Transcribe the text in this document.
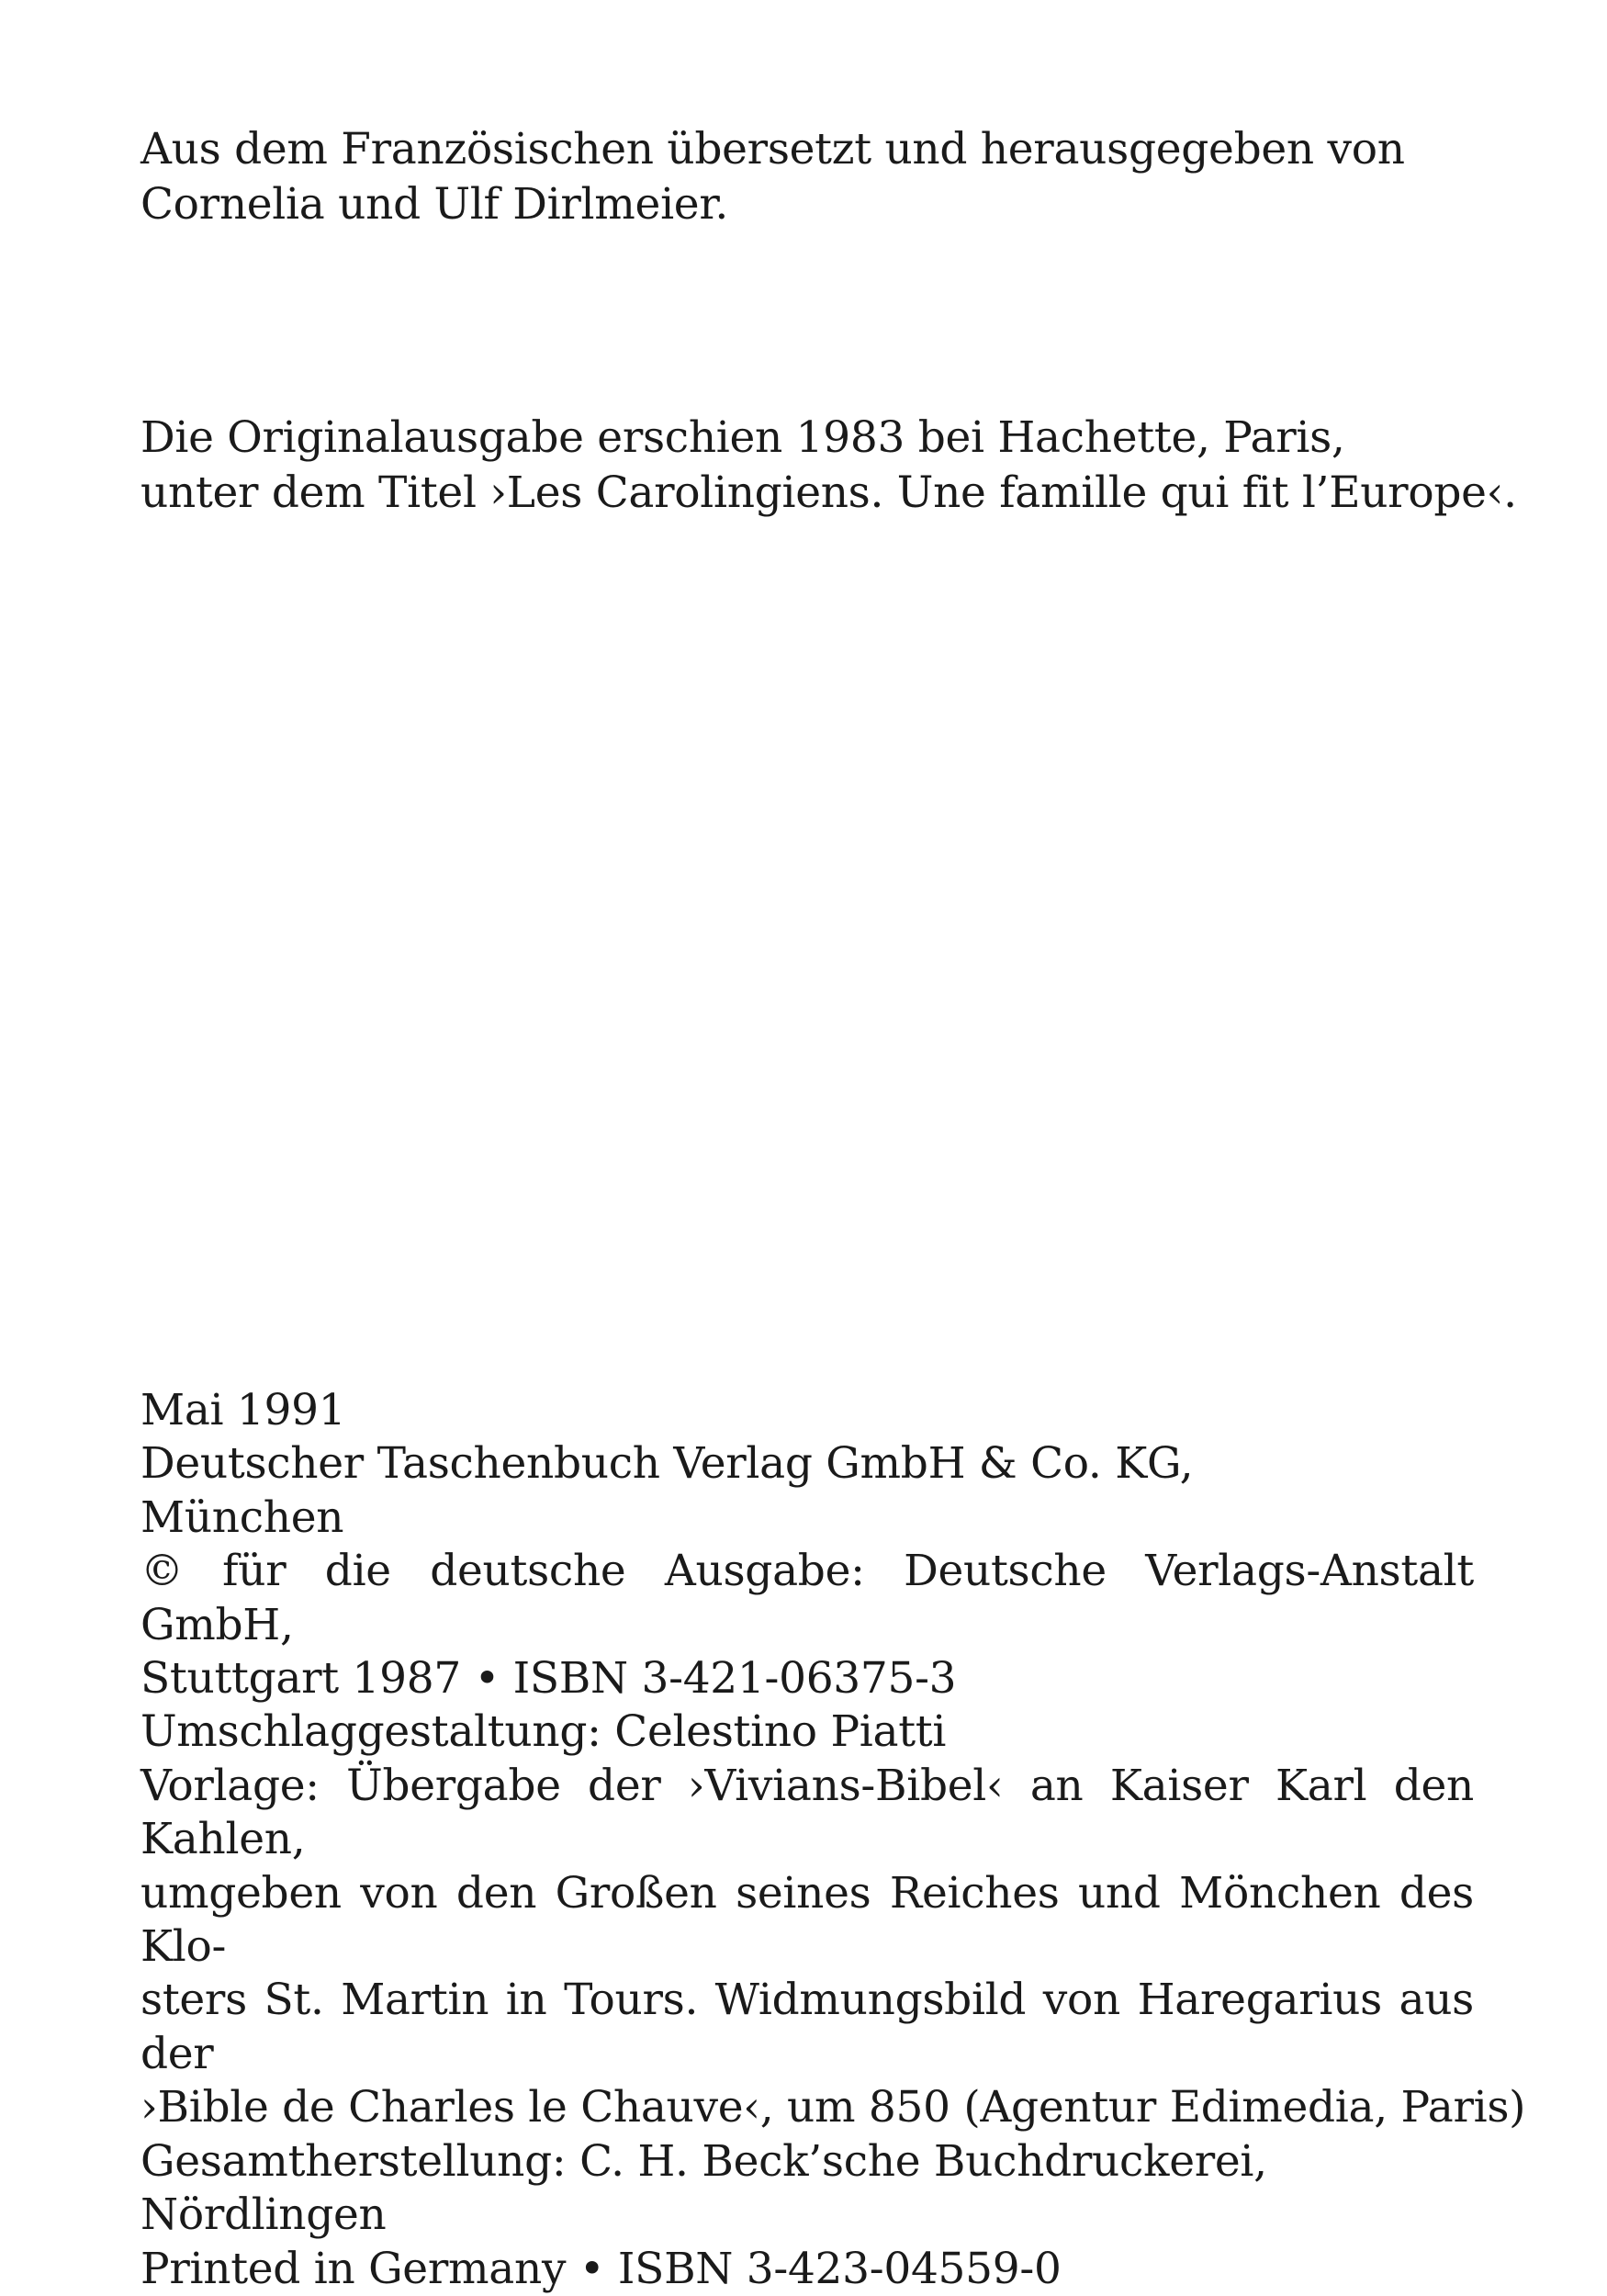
Aus dem Französischen übersetzt und herausgegeben von
Cornelia und Ulf Dirlmeier.
Die Originalausgabe erschien 1983 bei Hachette, Paris,
unter dem Titel ›Les Carolingiens. Une famille qui fit l’Europe‹.
Mai 1991
Deutscher Taschenbuch Verlag GmbH & Co. KG,
München
© für die deutsche Ausgabe: Deutsche Verlags-Anstalt GmbH,
Stuttgart 1987 • ISBN 3-421-06375-3
Umschlaggestaltung: Celestino Piatti
Vorlage: Übergabe der ›Vivians-Bibel‹ an Kaiser Karl den Kahlen,
umgeben von den Großen seines Reiches und Mönchen des Klo-
sters St. Martin in Tours. Widmungsbild von Haregarius aus der
›Bible de Charles le Chauve‹, um 850 (Agentur Edimedia, Paris)
Gesamtherstellung: C. H. Beck’sche Buchdruckerei,
Nördlingen
Printed in Germany • ISBN 3-423-04559-0
